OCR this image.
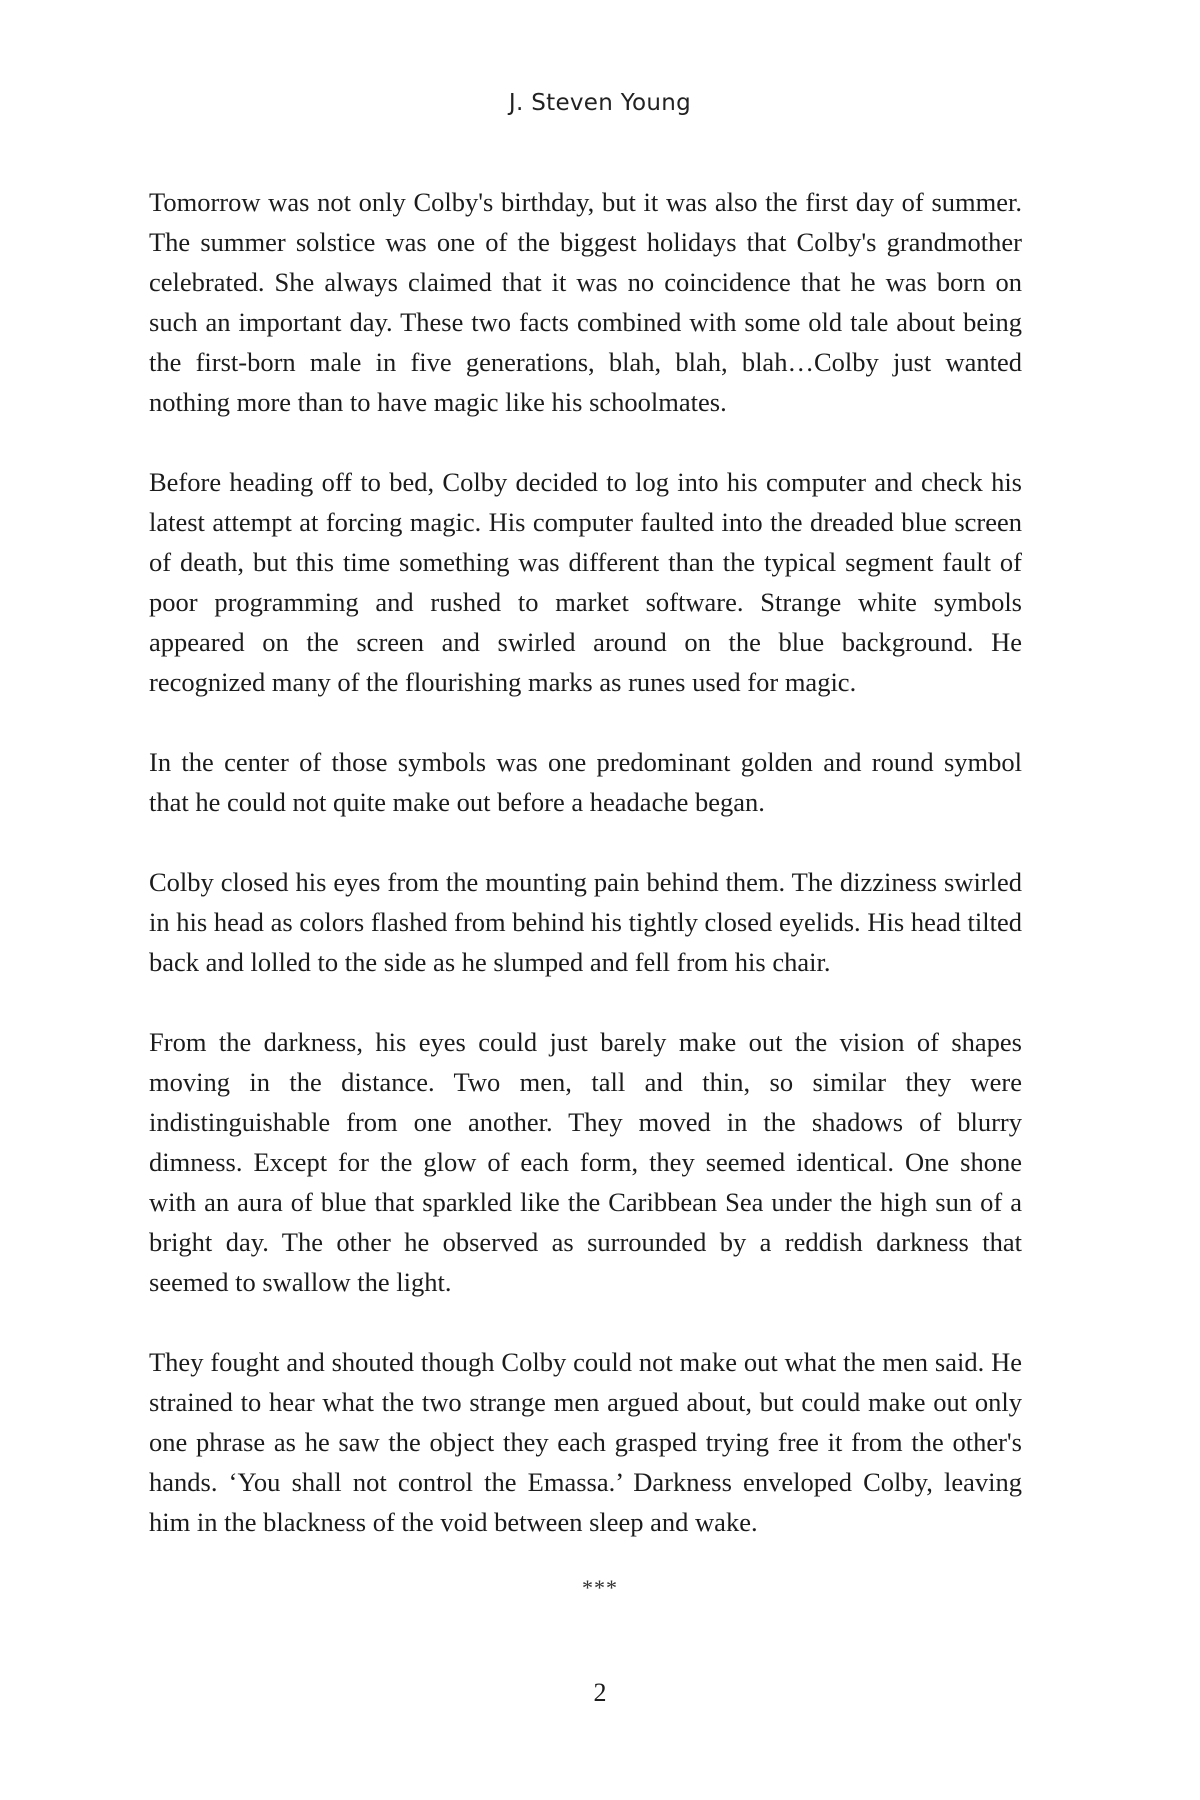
J. Steven Young

Tomorrow was not only Colby's birthday, but it was also the first day of summer. The summer solstice was one of the biggest holidays that Colby's grandmother celebrated. She always claimed that it was no coincidence that he was born on such an important day. These two facts combined with some old tale about being the first-born male in five generations, blah, blah, blah…Colby just wanted nothing more than to have magic like his schoolmates.

Before heading off to bed, Colby decided to log into his computer and check his latest attempt at forcing magic. His computer faulted into the dreaded blue screen of death, but this time something was different than the typical segment fault of poor programming and rushed to market software. Strange white symbols appeared on the screen and swirled around on the blue background. He recognized many of the flourishing marks as runes used for magic.

In the center of those symbols was one predominant golden and round symbol that he could not quite make out before a headache began.

Colby closed his eyes from the mounting pain behind them. The dizziness swirled in his head as colors flashed from behind his tightly closed eyelids. His head tilted back and lolled to the side as he slumped and fell from his chair.

From the darkness, his eyes could just barely make out the vision of shapes moving in the distance. Two men, tall and thin, so similar they were indistinguishable from one another. They moved in the shadows of blurry dimness. Except for the glow of each form, they seemed identical. One shone with an aura of blue that sparkled like the Caribbean Sea under the high sun of a bright day. The other he observed as surrounded by a reddish darkness that seemed to swallow the light.

They fought and shouted though Colby could not make out what the men said. He strained to hear what the two strange men argued about, but could make out only one phrase as he saw the object they each grasped trying free it from the other's hands. ‘You shall not control the Emassa.’ Darkness enveloped Colby, leaving him in the blackness of the void between sleep and wake.

***
2
